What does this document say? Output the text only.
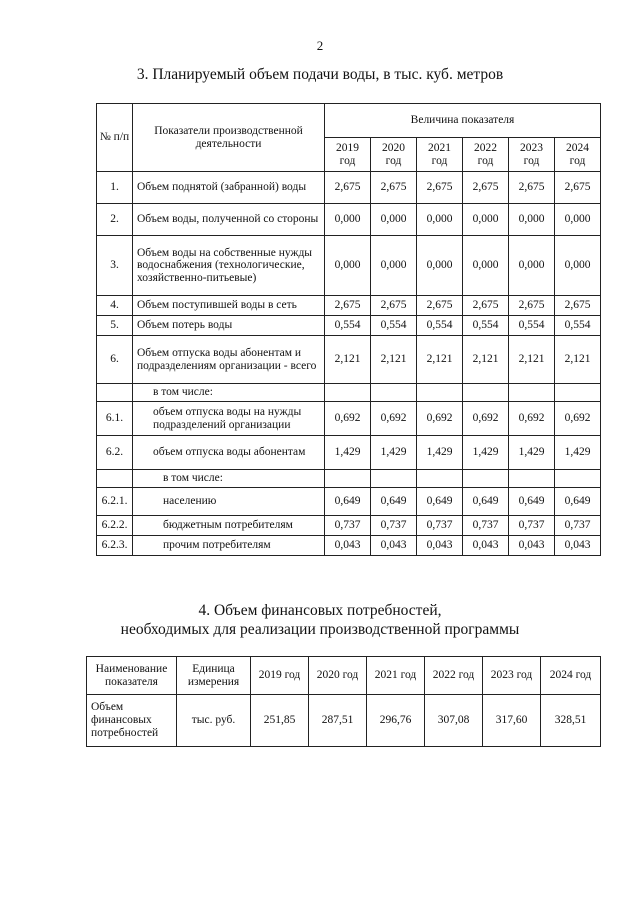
2
3. Планируемый объем подачи воды, в тыс. куб. метров
№ п/п	Показатели производственной деятельности	Величина показателя					
		2019 год	2020 год	2021 год	2022 год	2023 год	2024 год
1.	Объем поднятой (забранной) воды	2,675	2,675	2,675	2,675	2,675	2,675
2.	Объем воды, полученной со стороны	0,000	0,000	0,000	0,000	0,000	0,000
3.	Объем воды на собственные нужды водоснабжения (технологические, хозяйственно-питьевые)	0,000	0,000	0,000	0,000	0,000	0,000
4.	Объем поступившей воды в сеть	2,675	2,675	2,675	2,675	2,675	2,675
5.	Объем потерь воды	0,554	0,554	0,554	0,554	0,554	0,554
6.	Объем отпуска воды абонентам и подразделениям организации - всего	2,121	2,121	2,121	2,121	2,121	2,121
	в том числе:						
6.1.	объем отпуска воды на нужды подразделений организации	0,692	0,692	0,692	0,692	0,692	0,692
6.2.	объем отпуска воды абонентам	1,429	1,429	1,429	1,429	1,429	1,429
	в том числе:						
6.2.1.	населению	0,649	0,649	0,649	0,649	0,649	0,649
6.2.2.	бюджетным потребителям	0,737	0,737	0,737	0,737	0,737	0,737
6.2.3.	прочим потребителям	0,043	0,043	0,043	0,043	0,043	0,043
4. Объем финансовых потребностей,
необходимых для реализации производственной программы
Наименование показателя	Единица измерения	2019 год	2020 год	2021 год	2022 год	2023 год	2024 год
Объем финансовых потребностей	тыс. руб.	251,85	287,51	296,76	307,08	317,60	328,51
